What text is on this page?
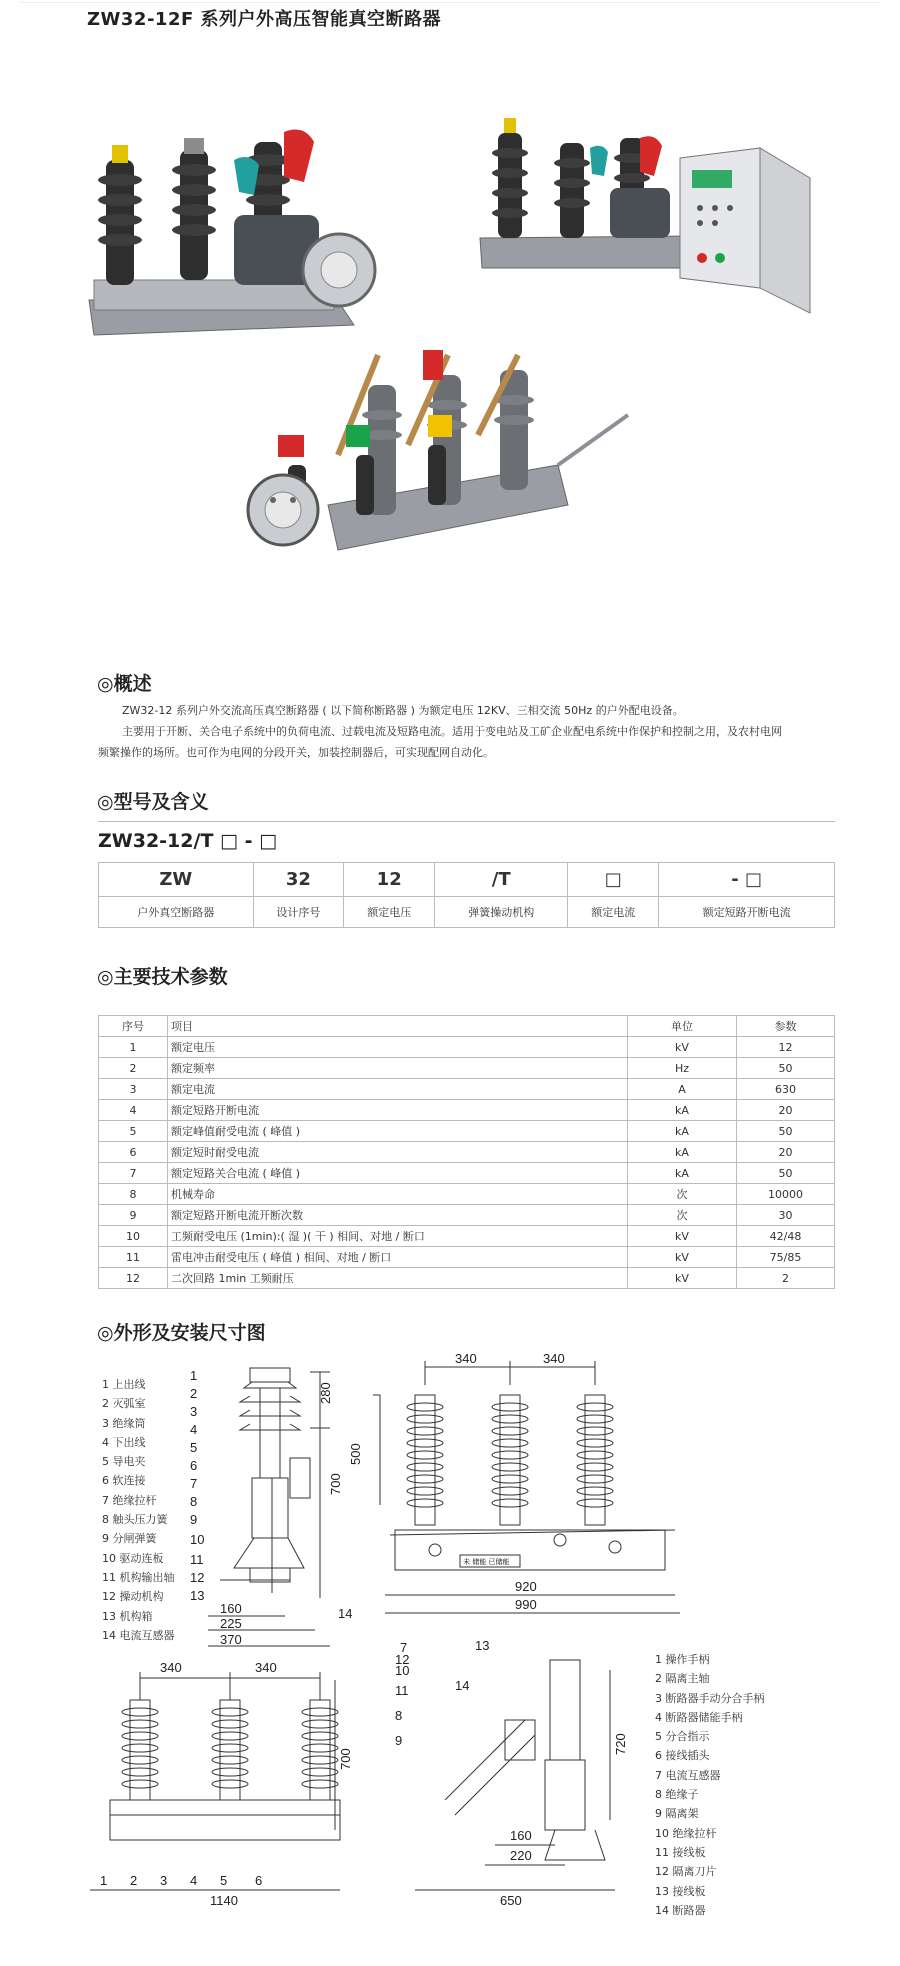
ZW32-12F 系列户外高压智能真空断路器
◎概述
ZW32-12 系列户外交流高压真空断路器 ( 以下简称断路器 ) 为额定电压 12KV、三相交流 50Hz 的户外配电设备。
主要用于开断、关合电子系统中的负荷电流、过载电流及短路电流。适用于变电站及工矿企业配电系统中作保护和控制之用，及农村电网
频繁操作的场所。也可作为电网的分段开关，加装控制器后，可实现配网自动化。
◎型号及含义
ZW32-12/T □ - □
ZW	32	12	/T	□	- □
户外真空断路器	设计序号	额定电压	弹簧操动机构	额定电流	额定短路开断电流
◎主要技术参数
序号	项目	单位	参数
1	额定电压	kV	12
2	额定频率	Hz	50
3	额定电流	A	630
4	额定短路开断电流	kA	20
5	额定峰值耐受电流 ( 峰值 )	kA	50
6	额定短时耐受电流	kA	20
7	额定短路关合电流 ( 峰值 )	kA	50
8	机械寿命	次	10000
9	额定短路开断电流开断次数	次	30
10	工频耐受电压 (1min):( 湿 )( 干 ) 相间、对地 / 断口	kV	42/48
11	雷电冲击耐受电压 ( 峰值 ) 相间、对地 / 断口	kV	75/85
12	二次回路 1min 工频耐压	kV	2
◎外形及安装尺寸图
1 上出线
2 灭弧室
3 绝缘筒
4 下出线
5 导电夹
6 软连接
7 绝缘拉杆
8 触头压力簧
9 分闸弹簧
10 驱动连板
11 机构输出轴
12 操动机构
13 机构箱
14 电流互感器
280
160
225
370
1
2
3
4
5
6
7
8
9
10
11
12
13
14
340	340
500
700
920
990
未 储能 已储能
340	340
700
1140
1 2 3 4 5 6
720
160
220
650
7
12
10
11
8
9
13
14
1 操作手柄
2 隔离主轴
3 断路器手动分合手柄
4 断路器储能手柄
5 分合指示
6 接线插头
7 电流互感器
8 绝缘子
9 隔离架
10 绝缘拉杆
11 接线板
12 隔离刀片
13 接线板
14 断路器
